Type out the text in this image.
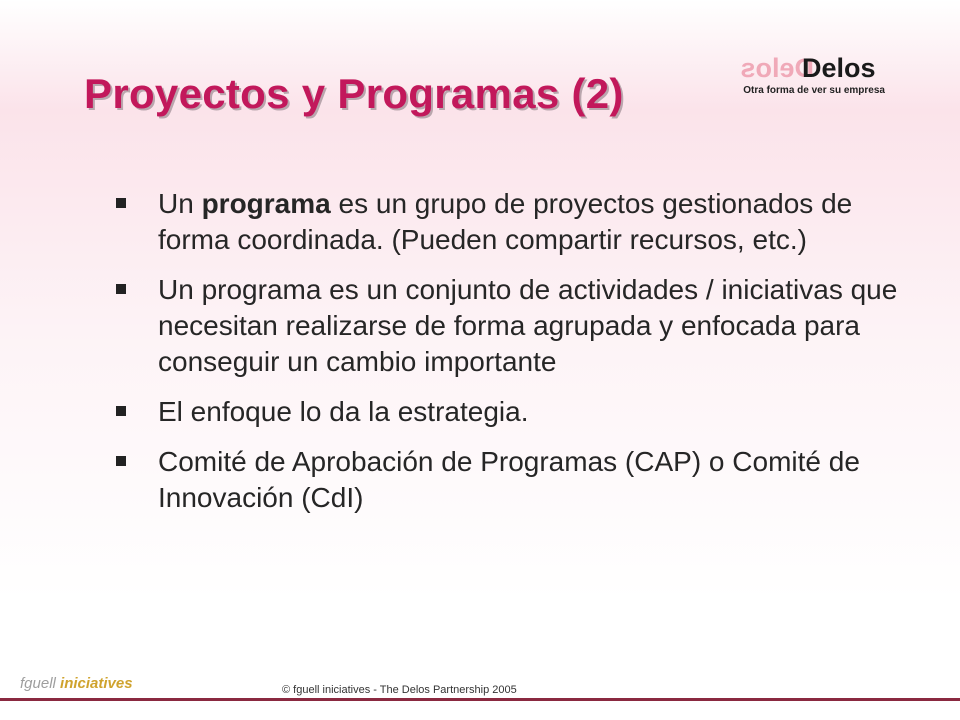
Proyectos y Programas (2)
Delos
Delos
Otra forma de ver su empresa
Un programa es un grupo de proyectos gestionados de forma coordinada. (Pueden compartir recursos, etc.)
Un programa es un conjunto de actividades / iniciativas que necesitan realizarse de forma agrupada y enfocada para conseguir un cambio importante
El enfoque lo da la estrategia.
Comité de Aprobación de Programas (CAP) o Comité de Innovación (CdI)
fguell iniciatives	© fguell iniciatives - The Delos Partnership 2005
